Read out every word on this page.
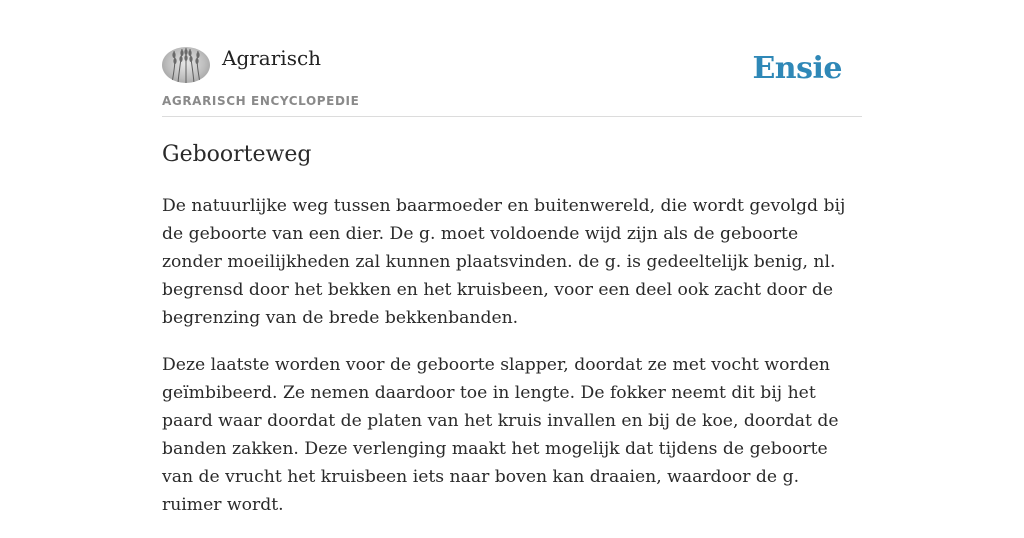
Agrarisch	Ensie
AGRARISCH ENCYCLOPEDIE
Geboorteweg

De natuurlijke weg tussen baarmoeder en buitenwereld, die wordt gevolgd bij de geboorte van een dier. De g. moet voldoende wijd zijn als de geboorte zonder moeilijkheden zal kunnen plaatsvinden. de g. is gedeeltelijk benig, nl. begrensd door het bekken en het kruisbeen, voor een deel ook zacht door de begrenzing van de brede bekkenbanden.

Deze laatste worden voor de geboorte slapper, doordat ze met vocht worden geïmbibeerd. Ze nemen daardoor toe in lengte. De fokker neemt dit bij het paard waar doordat de platen van het kruis invallen en bij de koe, doordat de banden zakken. Deze verlenging maakt het mogelijk dat tijdens de geboorte van de vrucht het kruisbeen iets naar boven kan draaien, waardoor de g. ruimer wordt.
